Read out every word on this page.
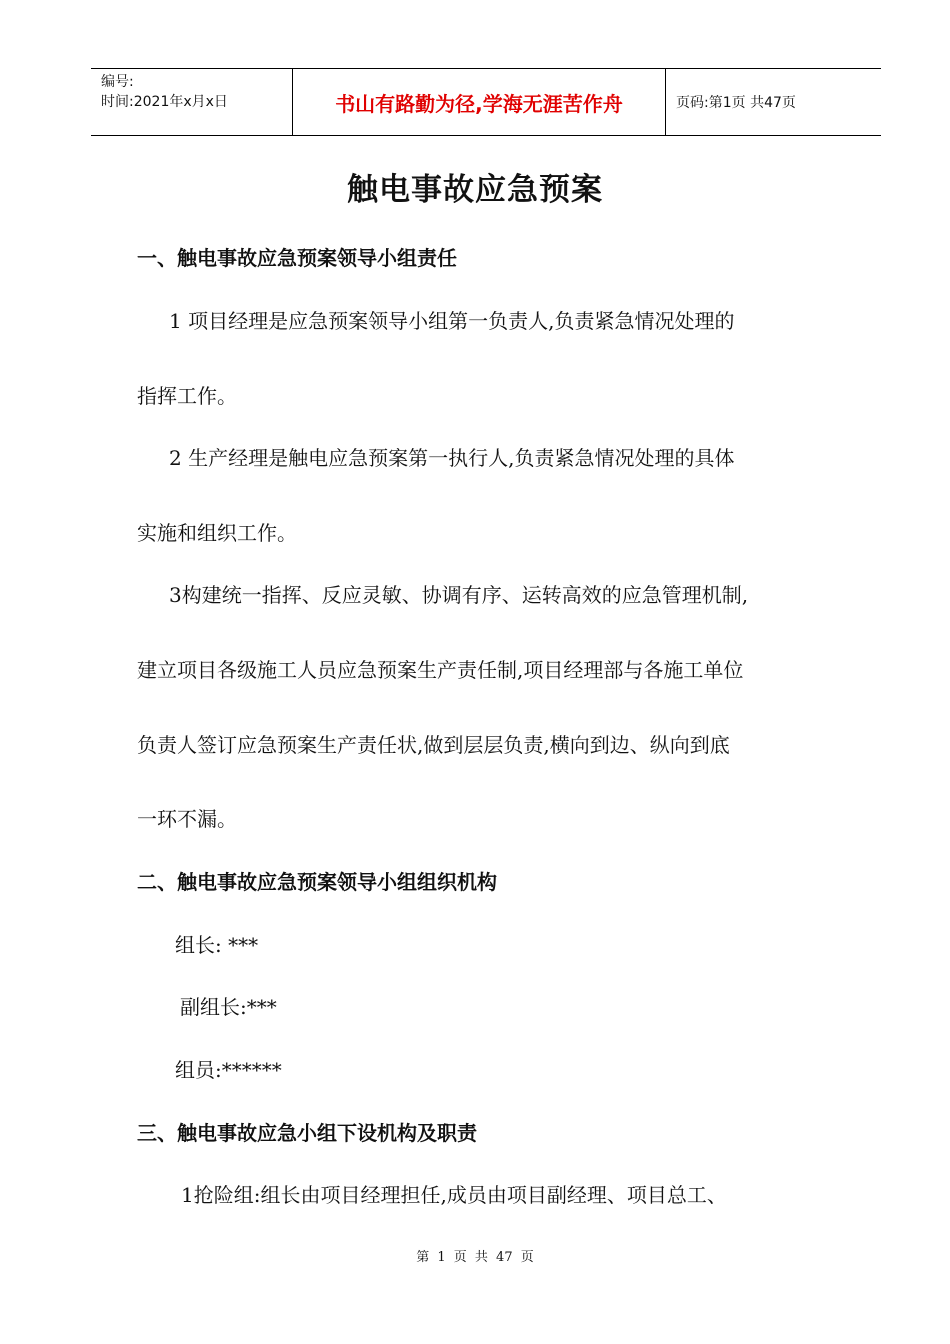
编号:
时间:2021年x月x日	书山有路勤为径,学海无涯苦作舟	页码:第1页 共47页
触电事故应急预案
一、触电事故应急预案领导小组责任
1 项目经理是应急预案领导小组第一负责人,负责紧急情况处理的
指挥工作。
2 生产经理是触电应急预案第一执行人,负责紧急情况处理的具体
实施和组织工作。
3构建统一指挥、反应灵敏、协调有序、运转高效的应急管理机制,
建立项目各级施工人员应急预案生产责任制,项目经理部与各施工单位
负责人签订应急预案生产责任状,做到层层负责,横向到边、纵向到底
一环不漏。
二、触电事故应急预案领导小组组织机构
组长: ***
副组长:***
组员:******
三、触电事故应急小组下设机构及职责
1抢险组:组长由项目经理担任,成员由项目副经理、项目总工、
第 1 页 共 47 页
